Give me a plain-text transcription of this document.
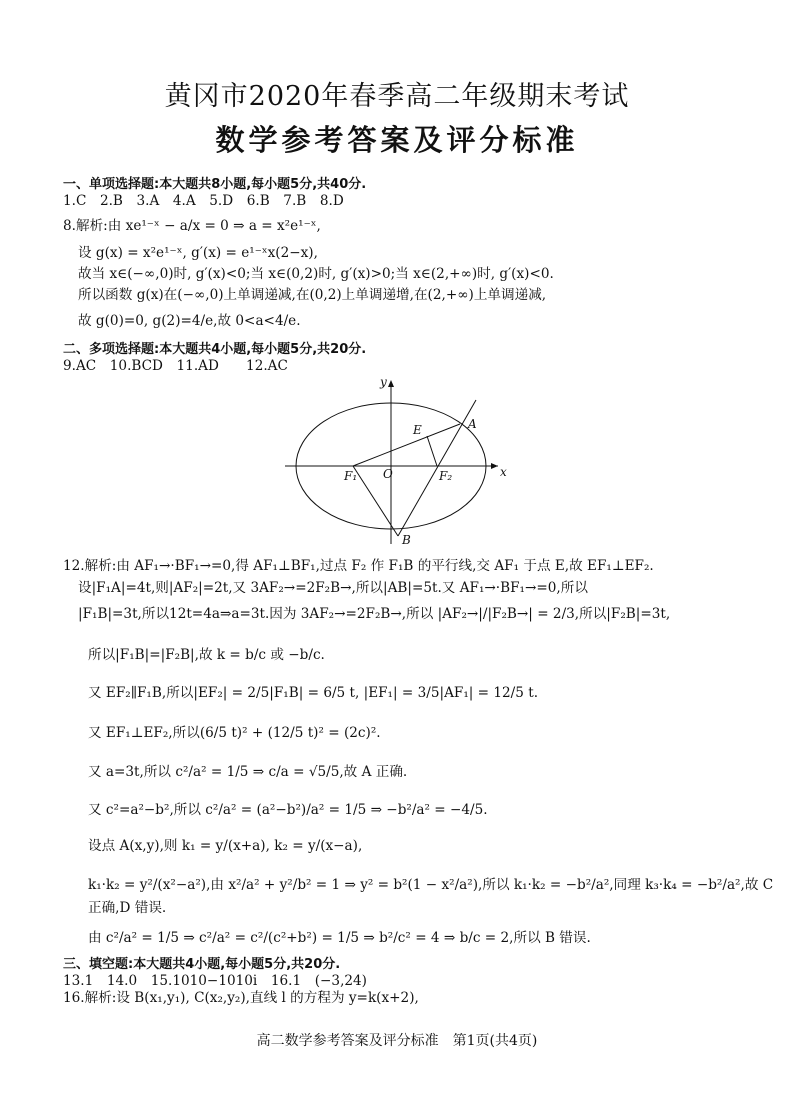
黄冈市2020年春季高二年级期末考试
数学参考答案及评分标准
一、单项选择题:本大题共8小题,每小题5分,共40分.
1.C　2.B　3.A　4.A　5.D　6.B　7.B　8.D
8.解析:由 xe¹⁻ˣ − a/x = 0 ⇒ a = x²e¹⁻ˣ,
设 g(x) = x²e¹⁻ˣ, g′(x) = e¹⁻ˣx(2−x),
故当 x∈(−∞,0)时, g′(x)<0;当 x∈(0,2)时, g′(x)>0;当 x∈(2,+∞)时, g′(x)<0.
所以函数 g(x)在(−∞,0)上单调递减,在(0,2)上单调递增,在(2,+∞)上单调递减,
故 g(0)=0, g(2)=4/e,故 0<a<4/e.
二、多项选择题:本大题共4小题,每小题5分,共20分.
9.AC　10.BCD　11.AD　　12.AC
y
x
A
E
O
F₁	F₂
B
12.解析:由 AF₁→·BF₁→=0,得 AF₁⊥BF₁,过点 F₂ 作 F₁B 的平行线,交 AF₁ 于点 E,故 EF₁⊥EF₂.
设|F₁A|=4t,则|AF₂|=2t,又 3AF₂→=2F₂B→,所以|AB|=5t.又 AF₁→·BF₁→=0,所以
|F₁B|=3t,所以12t=4a⇒a=3t.因为 3AF₂→=2F₂B→,所以 |AF₂→|/|F₂B→| = 2/3,所以|F₂B|=3t,
所以|F₁B|=|F₂B|,故 k = b/c 或 −b/c.
又 EF₂∥F₁B,所以|EF₂| = 2/5|F₁B| = 6/5 t, |EF₁| = 3/5|AF₁| = 12/5 t.
又 EF₁⊥EF₂,所以(6/5 t)² + (12/5 t)² = (2c)².
又 a=3t,所以 c²/a² = 1/5 ⇒ c/a = √5/5,故 A 正确.
又 c²=a²−b²,所以 c²/a² = (a²−b²)/a² = 1/5 ⇒ −b²/a² = −4/5.
设点 A(x,y),则 k₁ = y/(x+a), k₂ = y/(x−a),
k₁·k₂ = y²/(x²−a²),由 x²/a² + y²/b² = 1 ⇒ y² = b²(1 − x²/a²),所以 k₁·k₂ = −b²/a²,同理 k₃·k₄ = −b²/a²,故 C
正确,D 错误.
由 c²/a² = 1/5 ⇒ c²/a² = c²/(c²+b²) = 1/5 ⇒ b²/c² = 4 ⇒ b/c = 2,所以 B 错误.
三、填空题:本大题共4小题,每小题5分,共20分.
13.1　14.0　15.1010−1010i　16.1　(−3,24)
16.解析:设 B(x₁,y₁), C(x₂,y₂),直线 l 的方程为 y=k(x+2),
高二数学参考答案及评分标准　第1页(共4页)
